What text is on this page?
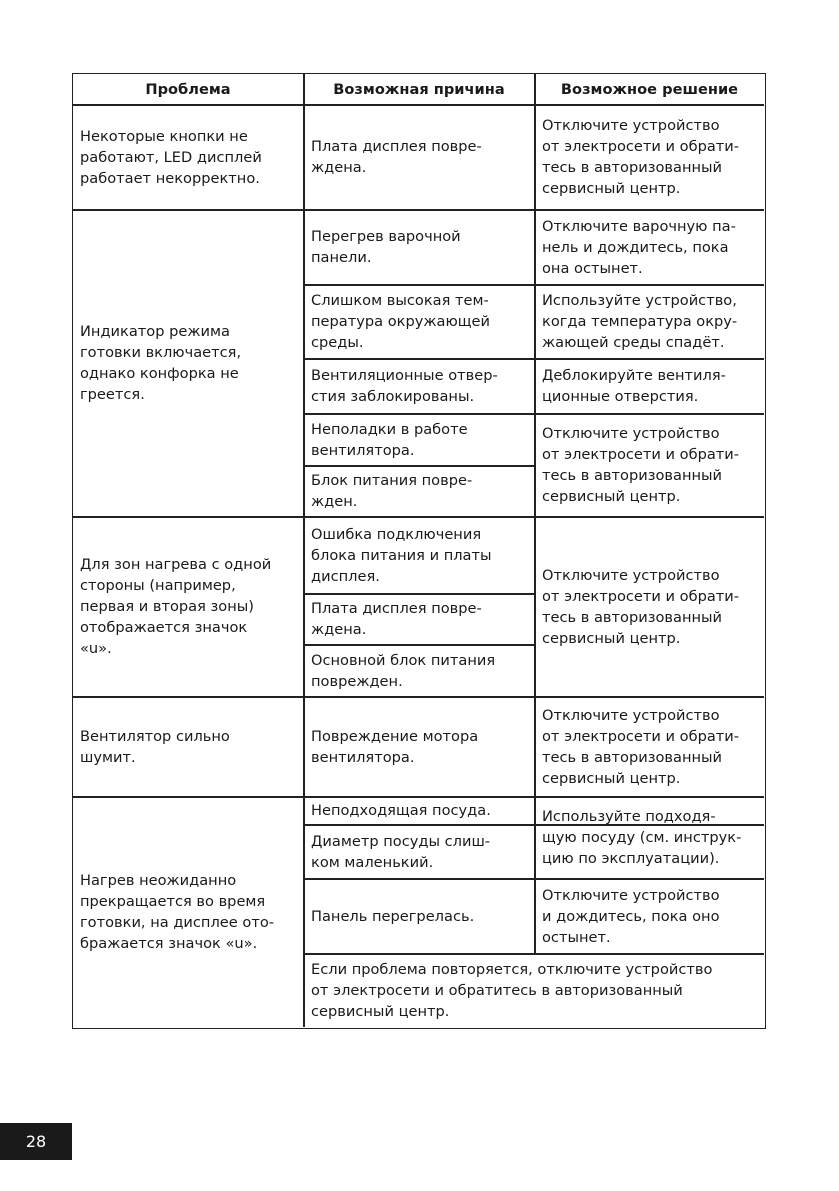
Проблема	Возможная причина	Возможное решение
Некоторые кнопки не
работают, LED дисплей
работает некорректно.
Плата дисплея повре-
ждена.
Отключите устройство
от электросети и обрати-
тесь в авторизованный
сервисный центр.
Индикатор режима
готовки включается,
однако конфорка не
греется.
Перегрев варочной
панели.
Слишком высокая тем-
пература окружающей
среды.
Вентиляционные отвер-
стия заблокированы.
Неполадки в работе
вентилятора.
Блок питания повре-
жден.
Отключите варочную па-
нель и дождитесь, пока
она остынет.
Используйте устройство,
когда температура окру-
жающей среды спадёт.
Деблокируйте вентиля-
ционные отверстия.
Отключите устройство
от электросети и обрати-
тесь в авторизованный
сервисный центр.
Для зон нагрева с одной
стороны (например,
первая и вторая зоны)
отображается значок
«u».
Ошибка подключения
блока питания и платы
дисплея.
Плата дисплея повре-
ждена.
Основной блок питания
поврежден.
Отключите устройство
от электросети и обрати-
тесь в авторизованный
сервисный центр.
Вентилятор сильно
шумит.
Повреждение мотора
вентилятора.
Отключите устройство
от электросети и обрати-
тесь в авторизованный
сервисный центр.
Нагрев неожиданно
прекращается во время
готовки, на дисплее ото-
бражается значок «u».
Неподходящая посуда.
Диаметр посуды слиш-
ком маленький.
Панель перегрелась.
Используйте подходя-
щую посуду (см. инструк-
цию по эксплуатации).
Отключите устройство
и дождитесь, пока оно
остынет.
Если проблема повторяется, отключите устройство
от электросети и обратитесь в авторизованный
сервисный центр.
28
